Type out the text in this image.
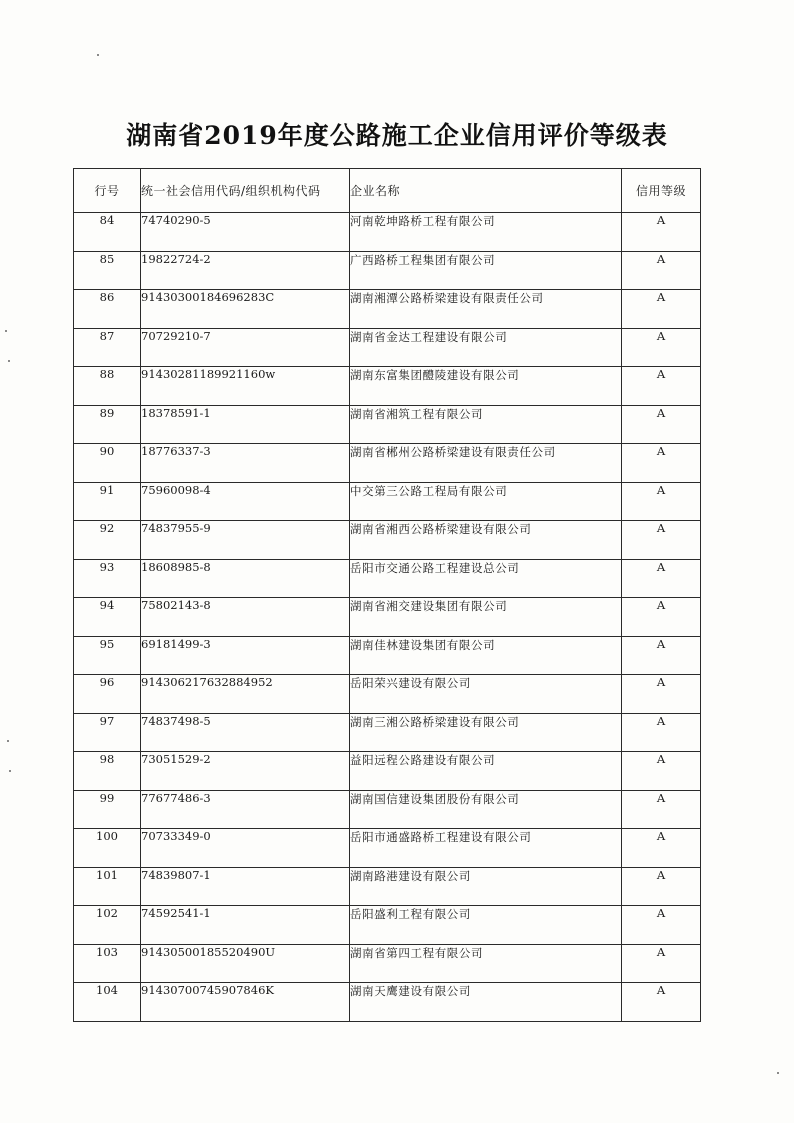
湖南省2019年度公路施工企业信用评价等级表
行号	统一社会信用代码/组织机构代码	企业名称	信用等级
84	74740290-5	河南乾坤路桥工程有限公司	A
85	19822724-2	广西路桥工程集团有限公司	A
86	91430300184696283C	湖南湘潭公路桥梁建设有限责任公司	A
87	70729210-7	湖南省金达工程建设有限公司	A
88	91430281189921160w	湖南东富集团醴陵建设有限公司	A
89	18378591-1	湖南省湘筑工程有限公司	A
90	18776337-3	湖南省郴州公路桥梁建设有限责任公司	A
91	75960098-4	中交第三公路工程局有限公司	A
92	74837955-9	湖南省湘西公路桥梁建设有限公司	A
93	18608985-8	岳阳市交通公路工程建设总公司	A
94	75802143-8	湖南省湘交建设集团有限公司	A
95	69181499-3	湖南佳林建设集团有限公司	A
96	914306217632884952	岳阳荣兴建设有限公司	A
97	74837498-5	湖南三湘公路桥梁建设有限公司	A
98	73051529-2	益阳远程公路建设有限公司	A
99	77677486-3	湖南国信建设集团股份有限公司	A
100	70733349-0	岳阳市通盛路桥工程建设有限公司	A
101	74839807-1	湖南路港建设有限公司	A
102	74592541-1	岳阳盛利工程有限公司	A
103	91430500185520490U	湖南省第四工程有限公司	A
104	91430700745907846K	湖南天鹰建设有限公司	A
